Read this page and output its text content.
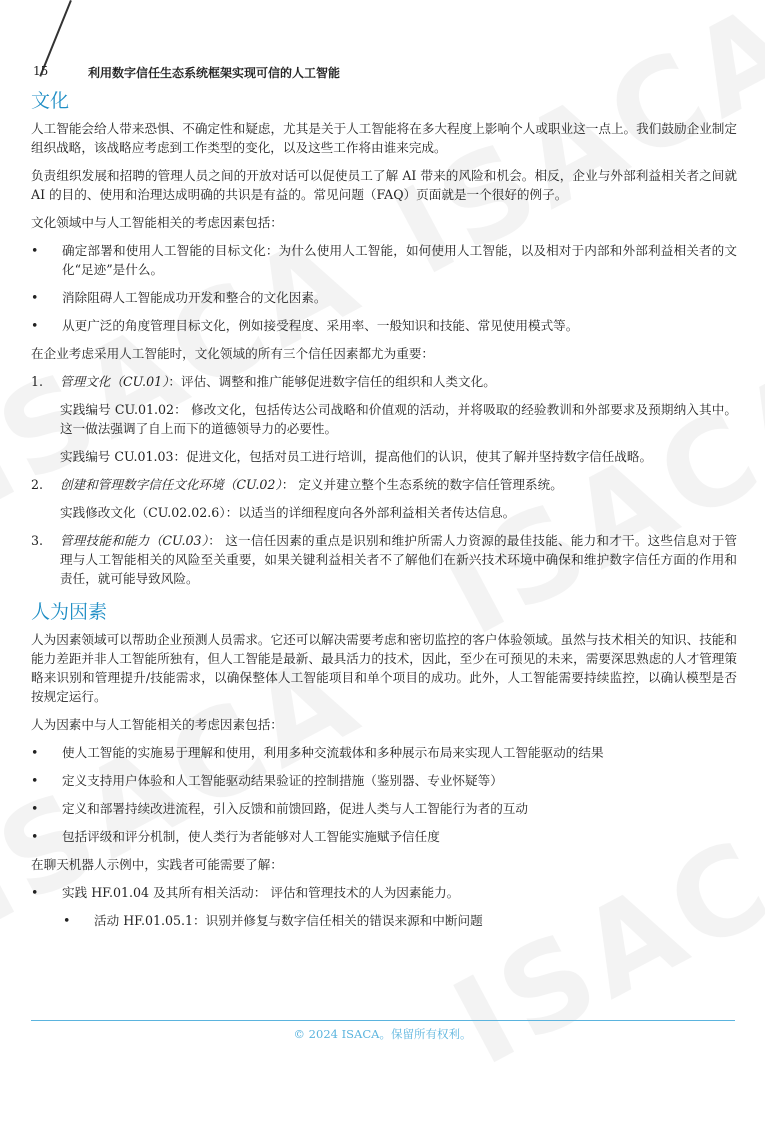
15	利用数字信任生态系统框架实现可信的人工智能
文化

人工智能会给人带来恐惧、不确定性和疑虑，尤其是关于人工智能将在多大程度上影响个人或职业这一点上。我们鼓励企业制定组织战略，该战略应考虑到工作类型的变化，以及这些工作将由谁来完成。

负责组织发展和招聘的管理人员之间的开放对话可以促使员工了解 AI 带来的风险和机会。相反，企业与外部利益相关者之间就 AI 的目的、使用和治理达成明确的共识是有益的。常见问题（FAQ）页面就是一个很好的例子。

文化领域中与人工智能相关的考虑因素包括：

•	确定部署和使用人工智能的目标文化：为什么使用人工智能，如何使用人工智能，以及相对于内部和外部利益相关者的文化“足迹”是什么。
•	消除阻碍人工智能成功开发和整合的文化因素。
•	从更广泛的角度管理目标文化，例如接受程度、采用率、一般知识和技能、常见使用模式等。

在企业考虑采用人工智能时，文化领域的所有三个信任因素都尤为重要：

1.	管理文化（CU.01）：评估、调整和推广能够促进数字信任的组织和人类文化。

实践编号 CU.01.02： 修改文化，包括传达公司战略和价值观的活动，并将吸取的经验教训和外部要求及预期纳入其中。这一做法强调了自上而下的道德领导力的必要性。

实践编号 CU.01.03：促进文化，包括对员工进行培训，提高他们的认识，使其了解并坚持数字信任战略。

2.	创建和管理数字信任文化环境（CU.02）： 定义并建立整个生态系统的数字信任管理系统。

实践修改文化（CU.02.02.6）：以适当的详细程度向各外部利益相关者传达信息。

3.	管理技能和能力（CU.03）： 这一信任因素的重点是识别和维护所需人力资源的最佳技能、能力和才干。这些信息对于管理与人工智能相关的风险至关重要，如果关键利益相关者不了解他们在新兴技术环境中确保和维护数字信任方面的作用和责任，就可能导致风险。
人为因素

人为因素领域可以帮助企业预测人员需求。它还可以解决需要考虑和密切监控的客户体验领域。虽然与技术相关的知识、技能和能力差距并非人工智能所独有，但人工智能是最新、最具活力的技术，因此，至少在可预见的未来，需要深思熟虑的人才管理策略来识别和管理提升/技能需求，以确保整体人工智能项目和单个项目的成功。此外，人工智能需要持续监控，以确认模型是否按规定运行。

人为因素中与人工智能相关的考虑因素包括：

•	使人工智能的实施易于理解和使用，利用多种交流载体和多种展示布局来实现人工智能驱动的结果
•	定义支持用户体验和人工智能驱动结果验证的控制措施（鉴别器、专业怀疑等）
•	定义和部署持续改进流程，引入反馈和前馈回路，促进人类与人工智能行为者的互动
•	包括评级和评分机制，使人类行为者能够对人工智能实施赋予信任度

在聊天机器人示例中，实践者可能需要了解：

•	实践 HF.01.04 及其所有相关活动： 评估和管理技术的人为因素能力。
•	活动 HF.01.05.1：识别并修复与数字信任相关的错误来源和中断问题
© 2024 ISACA。保留所有权利。
